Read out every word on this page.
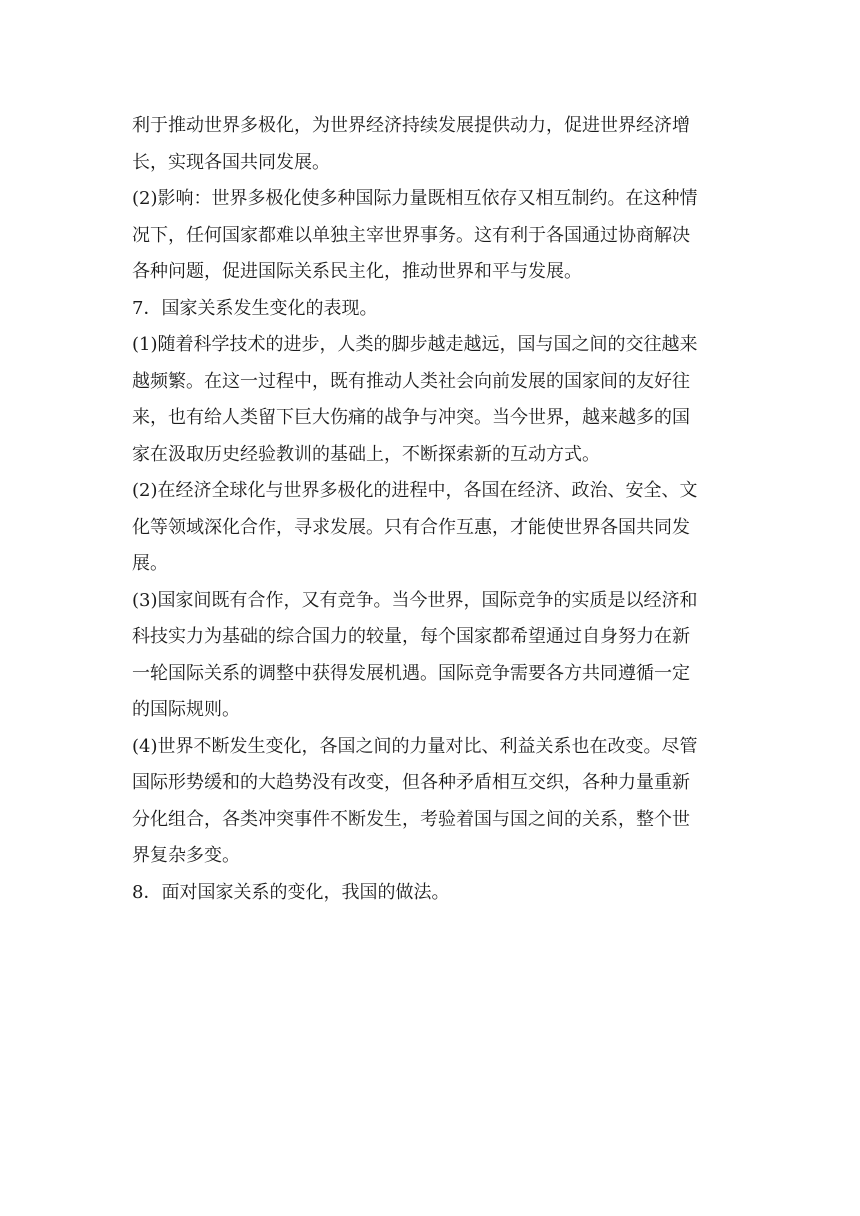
利于推动世界多极化，为世界经济持续发展提供动力，促进世界经济增
长，实现各国共同发展。
(2)影响：世界多极化使多种国际力量既相互依存又相互制约。在这种情
况下，任何国家都难以单独主宰世界事务。这有利于各国通过协商解决
各种问题，促进国际关系民主化，推动世界和平与发展。
7．国家关系发生变化的表现。
(1)随着科学技术的进步，人类的脚步越走越远，国与国之间的交往越来
越频繁。在这一过程中，既有推动人类社会向前发展的国家间的友好往
来，也有给人类留下巨大伤痛的战争与冲突。当今世界，越来越多的国
家在汲取历史经验教训的基础上，不断探索新的互动方式。
(2)在经济全球化与世界多极化的进程中，各国在经济、政治、安全、文
化等领域深化合作，寻求发展。只有合作互惠，才能使世界各国共同发
展。
(3)国家间既有合作，又有竞争。当今世界，国际竞争的实质是以经济和
科技实力为基础的综合国力的较量，每个国家都希望通过自身努力在新
一轮国际关系的调整中获得发展机遇。国际竞争需要各方共同遵循一定
的国际规则。
(4)世界不断发生变化，各国之间的力量对比、利益关系也在改变。尽管
国际形势缓和的大趋势没有改变，但各种矛盾相互交织，各种力量重新
分化组合，各类冲突事件不断发生，考验着国与国之间的关系，整个世
界复杂多变。
8．面对国家关系的变化，我国的做法。
